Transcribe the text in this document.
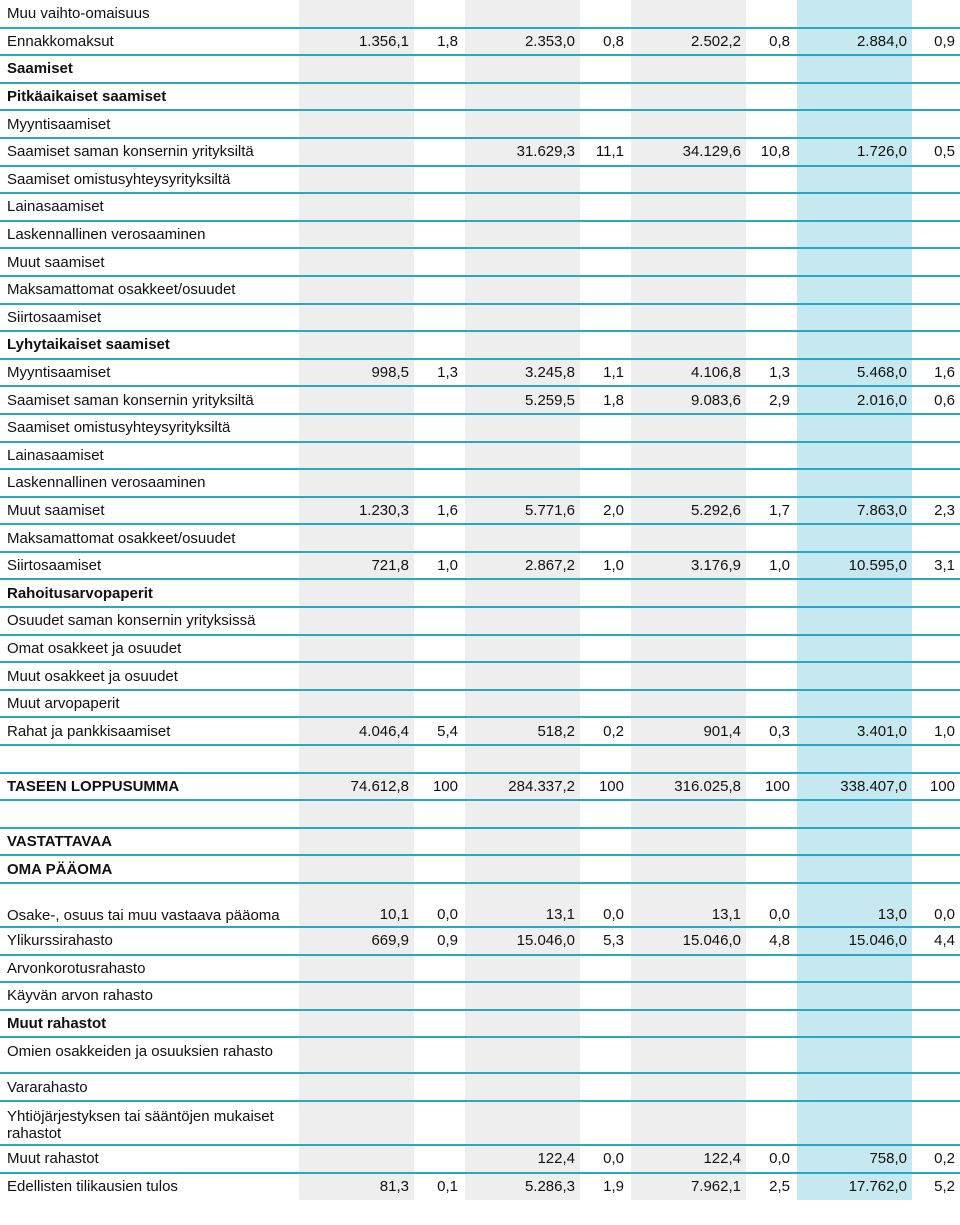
Muu vaihto-omaisuus								
Ennakkomaksut	1.356,1	1,8	2.353,0	0,8	2.502,2	0,8	2.884,0	0,9
Saamiset								
Pitkäaikaiset saamiset								
Myyntisaamiset								
Saamiset saman konsernin yrityksiltä			31.629,3	11,1	34.129,6	10,8	1.726,0	0,5
Saamiset omistusyhteysyrityksiltä								
Lainasaamiset								
Laskennallinen verosaaminen								
Muut saamiset								
Maksamattomat osakkeet/osuudet								
Siirtosaamiset								
Lyhytaikaiset saamiset								
Myyntisaamiset	998,5	1,3	3.245,8	1,1	4.106,8	1,3	5.468,0	1,6
Saamiset saman konsernin yrityksiltä			5.259,5	1,8	9.083,6	2,9	2.016,0	0,6
Saamiset omistusyhteysyrityksiltä								
Lainasaamiset								
Laskennallinen verosaaminen								
Muut saamiset	1.230,3	1,6	5.771,6	2,0	5.292,6	1,7	7.863,0	2,3
Maksamattomat osakkeet/osuudet								
Siirtosaamiset	721,8	1,0	2.867,2	1,0	3.176,9	1,0	10.595,0	3,1
Rahoitusarvopaperit								
Osuudet saman konsernin yrityksissä								
Omat osakkeet ja osuudet								
Muut osakkeet ja osuudet								
Muut arvopaperit								
Rahat ja pankkisaamiset	4.046,4	5,4	518,2	0,2	901,4	0,3	3.401,0	1,0

TASEEN LOPPUSUMMA	74.612,8	100	284.337,2	100	316.025,8	100	338.407,0	100

VASTATTAVAA								
OMA PÄÄOMA								
Osake-, osuus tai muu vastaava pääoma	10,1	0,0	13,1	0,0	13,1	0,0	13,0	0,0
Ylikurssirahasto	669,9	0,9	15.046,0	5,3	15.046,0	4,8	15.046,0	4,4
Arvonkorotusrahasto								
Käyvän arvon rahasto								
Muut rahastot								
Omien osakkeiden ja osuuksien rahasto								
Vararahasto								
Yhtiöjärjestyksen tai sääntöjen mukaiset rahastot								
Muut rahastot			122,4	0,0	122,4	0,0	758,0	0,2
Edellisten tilikausien tulos	81,3	0,1	5.286,3	1,9	7.962,1	2,5	17.762,0	5,2
